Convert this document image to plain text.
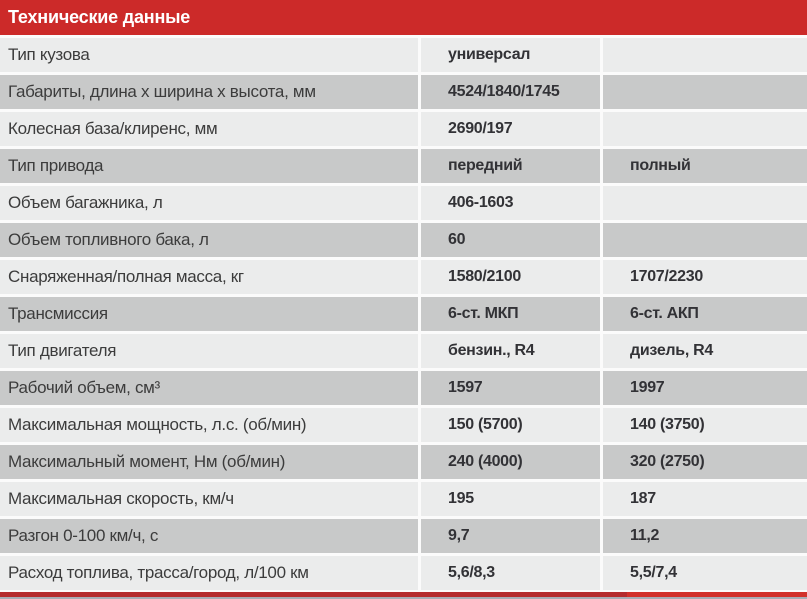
Технические данные
Тип кузова	универсал
Габариты, длина х ширина х высота, мм	4524/1840/1745
Колесная база/клиренс, мм	2690/197
Тип привода	передний	полный
Объем багажника, л	406-1603
Объем топливного бака, л	60
Снаряженная/полная масса, кг	1580/2100	1707/2230
Трансмиссия	6-ст. МКП	6-ст. АКП
Тип двигателя	бензин., R4	дизель, R4
Рабочий объем, см³	1597	1997
Максимальная мощность, л.с. (об/мин)	150 (5700)	140 (3750)
Максимальный момент, Нм (об/мин)	240 (4000)	320 (2750)
Максимальная скорость, км/ч	195	187
Разгон 0-100 км/ч, с	9,7	11,2
Расход топлива, трасса/город, л/100 км	5,6/8,3	5,5/7,4
